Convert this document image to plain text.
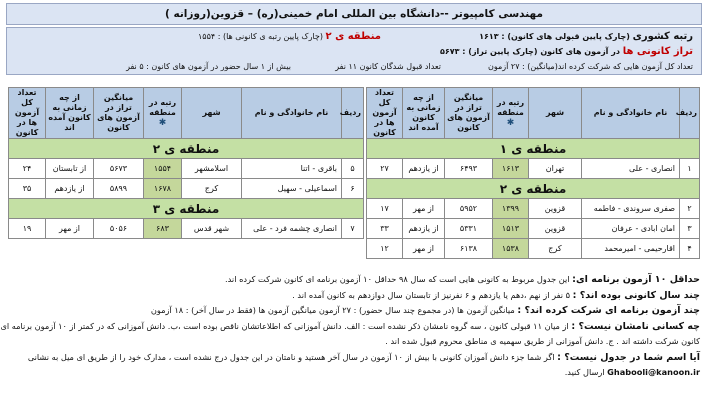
مهندسی کامپیوتر --دانشگاه بین المللی امام خمینی(ره) – قزوین(روزانه )
رتبه کشوری (چارک پایین قبولی های کانون) : ۱۶۱۳
منطقه ی ۲ (چارک پایین رتبه ی کانونی ها) : ۱۵۵۴
تراز کانونی ها در آزمون های کانون (چارک پایین تراز) : ۵۶۷۳
تعداد کل آزمون هایی که شرکت کرده اند(میانگین) : ۲۷ آزمون
تعداد قبول شدگان کانون ۱۱ نفر
بیش از ۱ سال حضور در آزمون های کانون : ۵ نفر
ردیف	نام خانوادگی و نام	شهر	رتبه در منطقه
✱	میانگین تراز در آزمون های کانون	از چه زمانی به کانون آمده اند	تعداد کل آزمون ها در کانون
منطقه ی ۱						
۱	انصاری - علی	تهران	۱۶۱۳	۶۴۹۳	از یازدهم	۲۷
منطقه ی ۲						
۲	صفری سروندی - فاطمه	قزوین	۱۳۹۹	۵۹۵۲	از مهر	۱۷
۳	امان ابادی - عرفان	قزوین	۱۵۱۳	۵۳۳۱	از یازدهم	۳۳
۴	اقارحیمی - امیرمحمد	کرج	۱۵۳۸	۶۱۳۸	از مهر	۱۲
ردیف	نام خانوادگی و نام	شهر	رتبه در منطقه
✱	میانگین تراز در آزمون های کانون	از چه زمانی به کانون آمده اند	تعداد کل آزمون ها در کانون
منطقه ی ۲						
۵	باقری - اتنا	اسلامشهر	۱۵۵۴	۵۶۷۳	از تابستان	۲۴
۶	اسماعیلی - سهیل	کرج	۱۶۷۸	۵۸۹۹	از یازدهم	۳۵
منطقه ی ۳						
۷	انصاری چشمه فرد - علی	شهر قدس	۶۸۳	۵۰۵۶	از مهر	۱۹
حداقل ۱۰ آزمون برنامه ای: این جدول مربوط به کانونی هایی است که سال ۹۸ حداقل ۱۰ آزمون برنامه ای کانون شرکت کرده اند.
چند سال کانونی بوده اند؟ : ۵ نفر از نهم ،دهم یا یازدهم و ۶ نفرنیز از تابستان سال دوازدهم به کانون آمده اند .
چند آزمون برنامه ای شرکت کرده اند؟ : میانگین آزمون ها (در مجموع چند سال حضور) : ۲۷ آزمون میانگین آزمون ها (فقط در سال آخر) : ۱۸ آزمون
چه کسانی نامشان نیست؟ : از میان ۱۱ قبولی کانون ، سه گروه نامشان ذکر نشده است : الف. دانش آموزانی که اطلاعاتشان ناقص بوده است ،ب. دانش آموزانی که در کمتر از ۱۰ آزمون برنامه ای
کانون شرکت داشته اند . ج. دانش آموزانی از طریق سهمیه ی مناطق محروم قبول شده اند .
آیا اسم شما در جدول نیست؟ : اگر شما جزء دانش آموزان کانونی با بیش از ۱۰ آزمون در سال آخر هستید و نامتان در این جدول درج نشده است ، مدارک خود را از طریق ای میل به نشانی
Ghabooli@kanoon.ir ارسال کنید.
